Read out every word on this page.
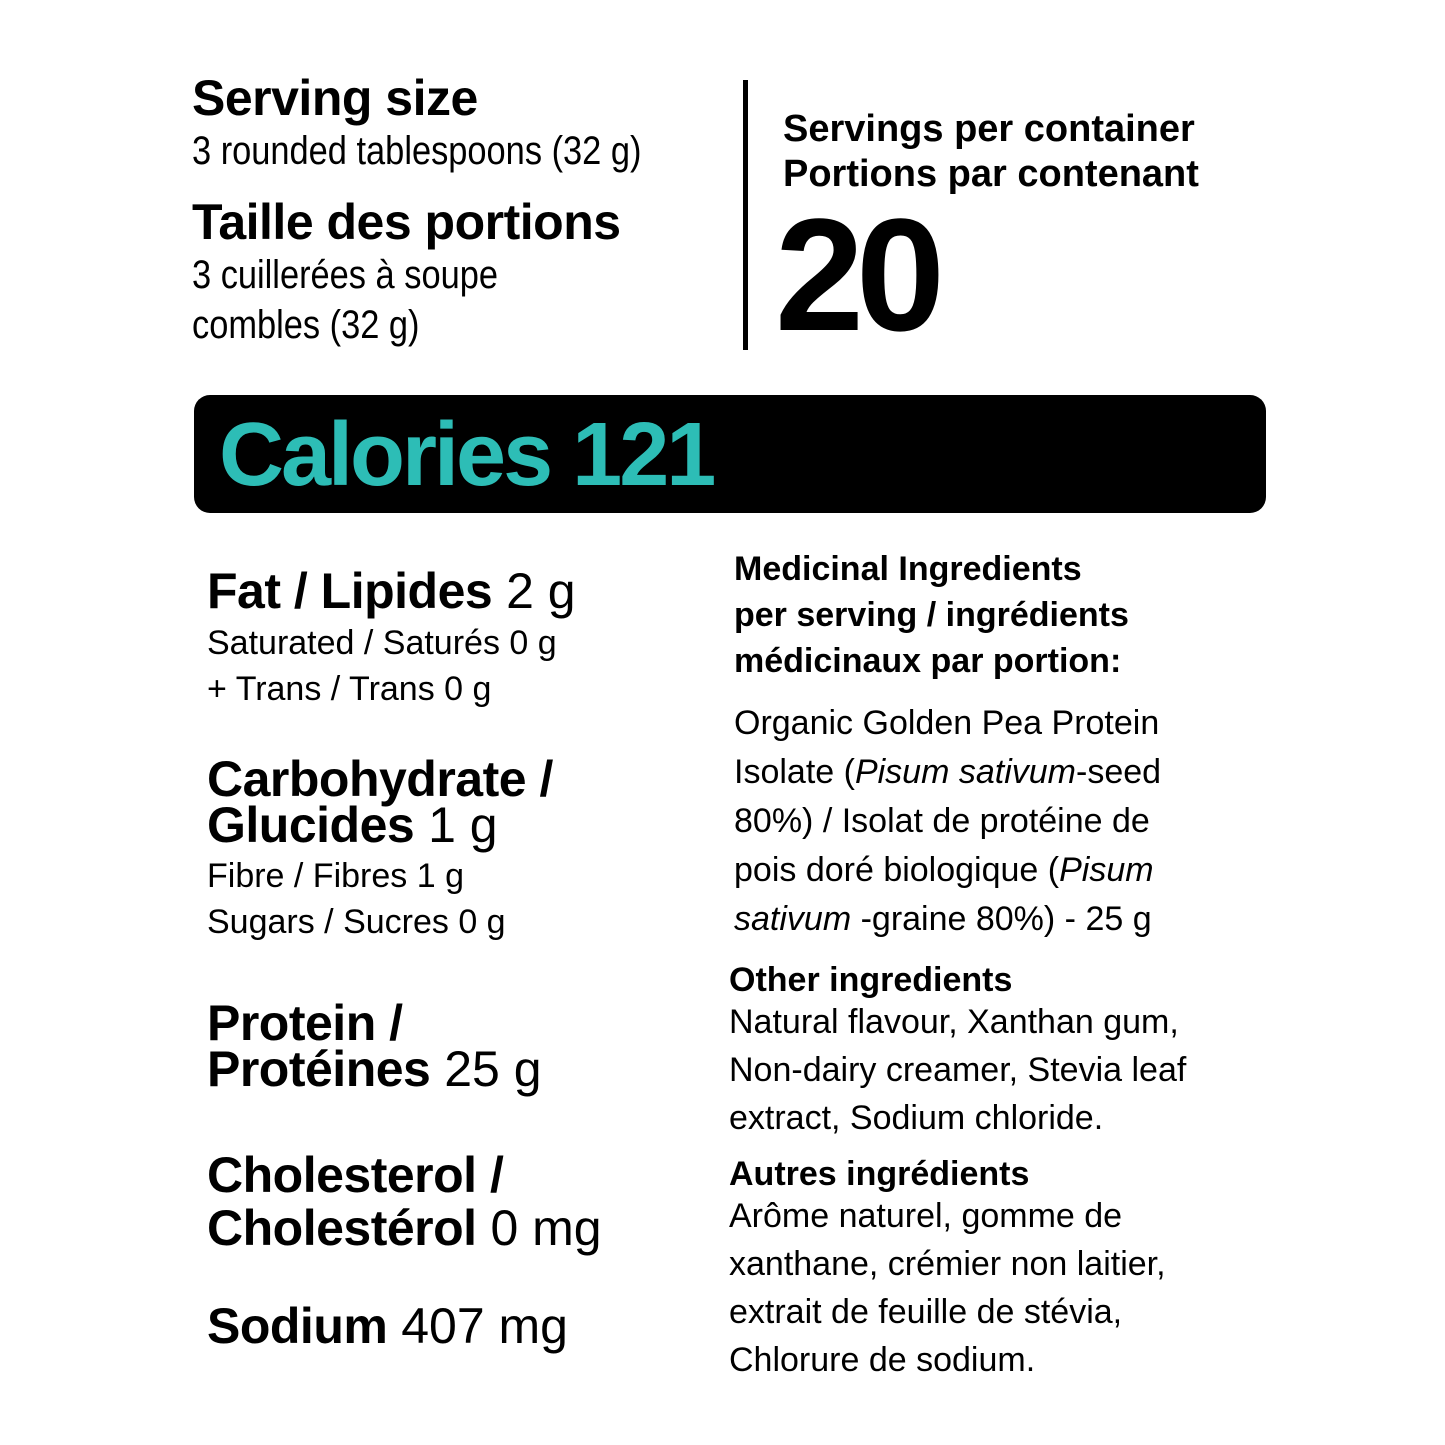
Serving size
3 rounded tablespoons (32 g)
Taille des portions
3 cuillerées à soupe
combles (32 g)
Servings per container
Portions par contenant
20
Calories 121
Fat / Lipides 2 g
Saturated / Saturés 0 g
+ Trans / Trans 0 g
Carbohydrate /
Glucides 1 g
Fibre / Fibres 1 g
Sugars / Sucres 0 g
Protein /
Protéines 25 g
Cholesterol /
Cholestérol 0 mg
Sodium 407 mg
Medicinal Ingredients
per serving / ingrédients
médicinaux par portion:
Organic Golden Pea Protein
Isolate (Pisum sativum-seed
80%) / Isolat de protéine de
pois doré biologique (Pisum
sativum -graine 80%) - 25 g
Other ingredients
Natural flavour, Xanthan gum,
Non-dairy creamer, Stevia leaf
extract, Sodium chloride.
Autres ingrédients
Arôme naturel, gomme de
xanthane, crémier non laitier,
extrait de feuille de stévia,
Chlorure de sodium.
